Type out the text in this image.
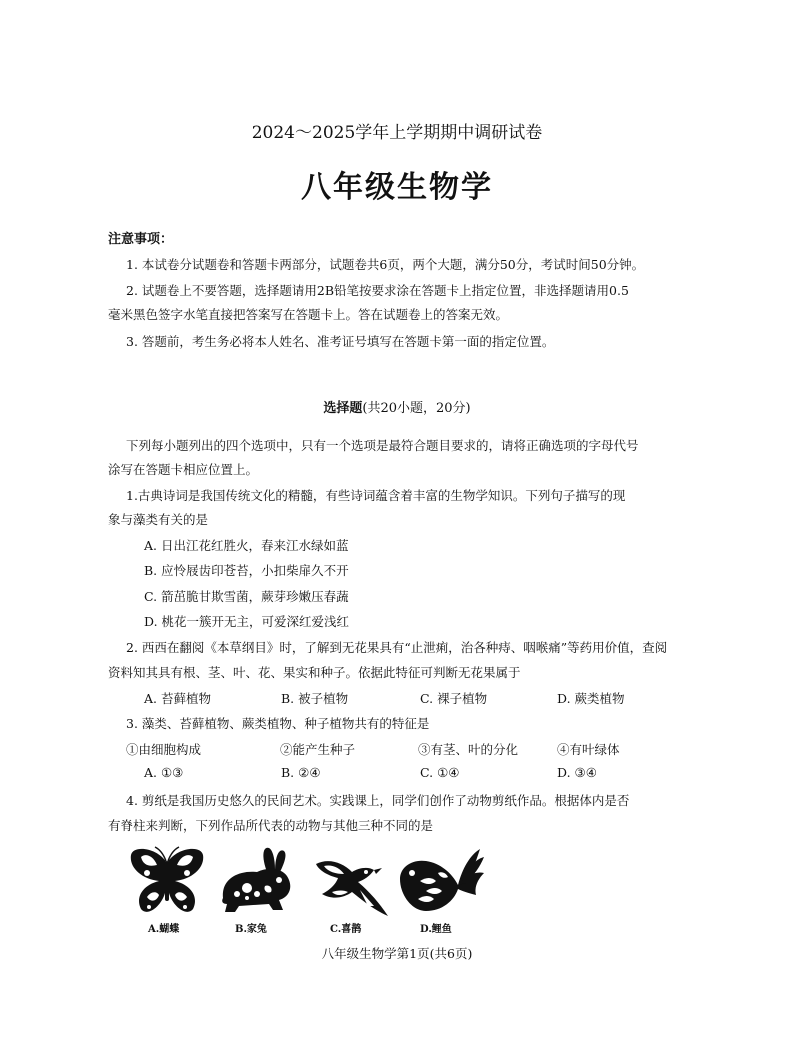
2024～2025学年上学期期中调研试卷
八年级生物学
注意事项：
1. 本试卷分试题卷和答题卡两部分，试题卷共6页，两个大题，满分50分，考试时间50分钟。
2. 试题卷上不要答题，选择题请用2B铅笔按要求涂在答题卡上指定位置，非选择题请用0.5
毫米黑色签字水笔直接把答案写在答题卡上。答在试题卷上的答案无效。
3. 答题前，考生务必将本人姓名、准考证号填写在答题卡第一面的指定位置。
选择题(共20小题，20分)
下列每小题列出的四个选项中，只有一个选项是最符合题目要求的，请将正确选项的字母代号
涂写在答题卡相应位置上。
1.古典诗词是我国传统文化的精髓，有些诗词蕴含着丰富的生物学知识。下列句子描写的现
象与藻类有关的是
A. 日出江花红胜火，春来江水绿如蓝
B. 应怜屐齿印苍苔，小扣柴扉久不开
C. 箭茁脆甘欺雪菌，蕨芽珍嫩压春蔬
D. 桃花一簇开无主，可爱深红爱浅红
2. 西西在翻阅《本草纲目》时，了解到无花果具有“止泄痢，治各种痔、咽喉痛”等药用价值，查阅
资料知其具有根、茎、叶、花、果实和种子。依据此特征可判断无花果属于
A. 苔藓植物	B. 被子植物	C. 裸子植物	D. 蕨类植物
3. 藻类、苔藓植物、蕨类植物、种子植物共有的特征是
①由细胞构成	②能产生种子	③有茎、叶的分化	④有叶绿体
A. ①③	B. ②④	C. ①④	D. ③④
4. 剪纸是我国历史悠久的民间艺术。实践课上，同学们创作了动物剪纸作品。根据体内是否
有脊柱来判断，下列作品所代表的动物与其他三种不同的是
A.蝴蝶	B.家兔	C.喜鹊	D.鲤鱼
八年级生物学第1页(共6页)
